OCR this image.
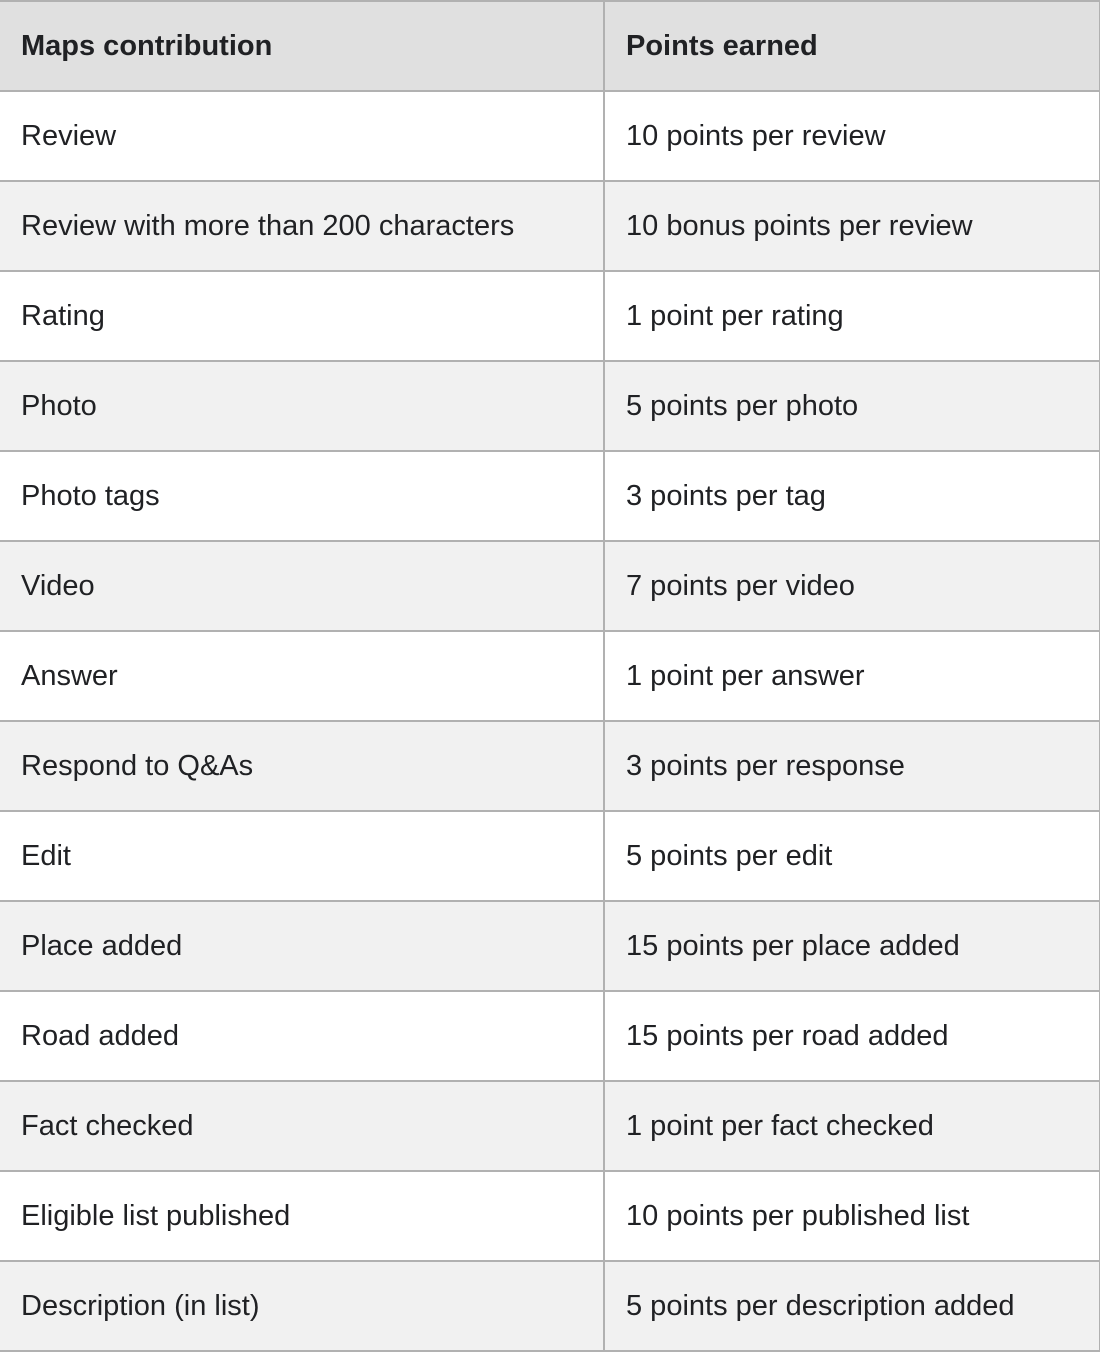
Maps contribution	Points earned
Review	10 points per review
Review with more than 200 characters	10 bonus points per review
Rating	1 point per rating
Photo	5 points per photo
Photo tags	3 points per tag
Video	7 points per video
Answer	1 point per answer
Respond to Q&As	3 points per response
Edit	5 points per edit
Place added	15 points per place added
Road added	15 points per road added
Fact checked	1 point per fact checked
Eligible list published	10 points per published list
Description (in list)	5 points per description added
